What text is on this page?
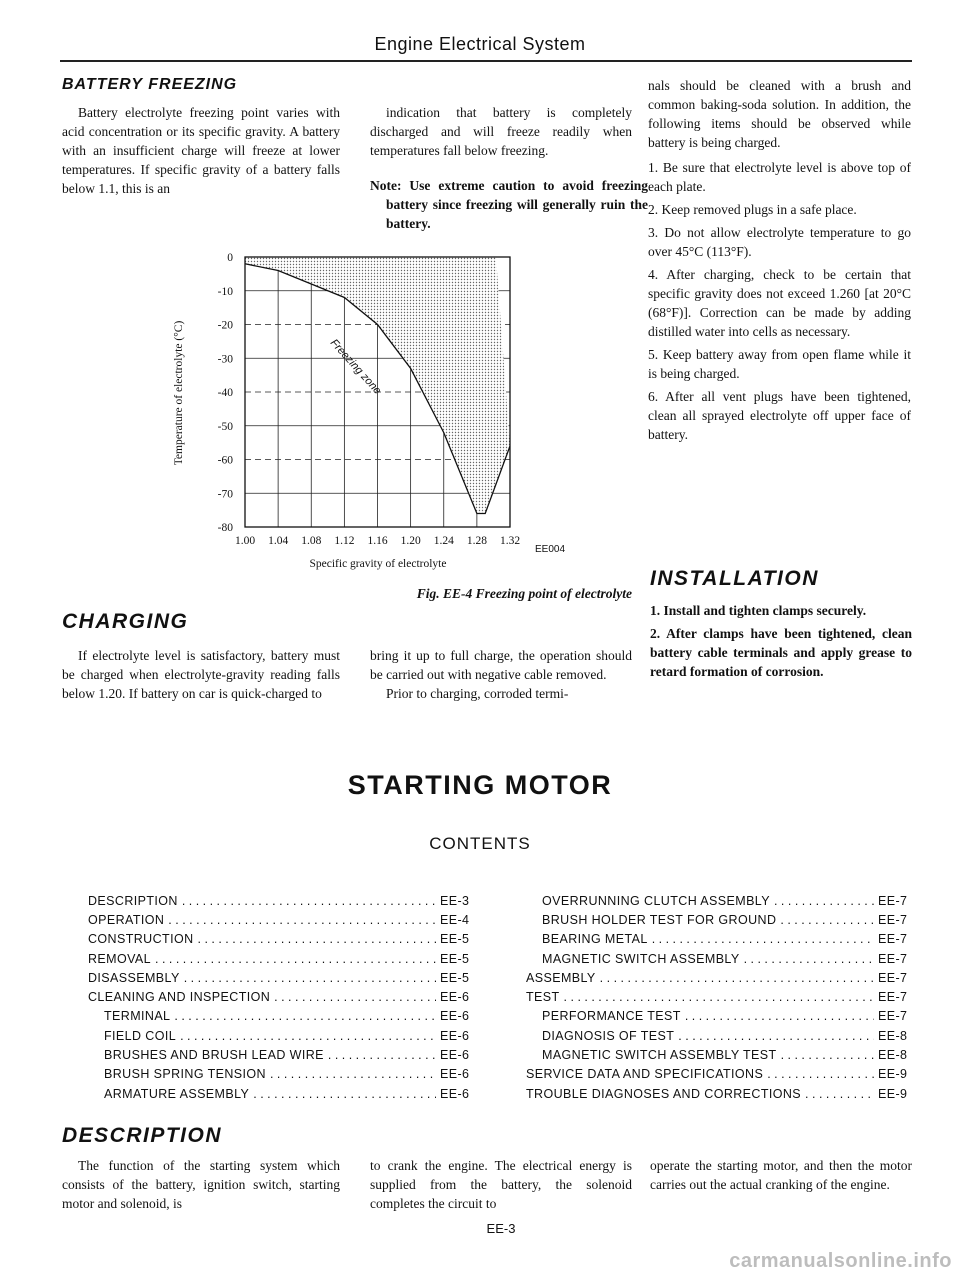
Engine Electrical System
BATTERY FREEZING
Battery electrolyte freezing point varies with acid concentration or its specific gravity. A battery with an insufficient charge will freeze at lower temperatures. If specific gravity of a battery falls below 1.1, this is an
indication that battery is completely discharged and will freeze readily when temperatures fall below freezing.
Note: Use extreme caution to avoid freezing battery since freezing will generally ruin the battery.
nals should be cleaned with a brush and common baking-soda solution. In addition, the following items should be observed while battery is being charged.
1. Be sure that electrolyte level is above top of each plate.
2. Keep removed plugs in a safe place.
3. Do not allow electrolyte temperature to go over 45°C (113°F).
4. After charging, check to be certain that specific gravity does not exceed 1.260 [at 20°C (68°F)]. Correction can be made by adding distilled water into cells as necessary.
5. Keep battery away from open flame while it is being charged.
6. After all vent plugs have been tightened, clean all sprayed electrolyte off upper face of battery.
0
-10
-20
-30
-40
-50
-60
-70
-80
1.00 1.04 1.08 1.12 1.16 1.20 1.24 1.28 1.32
Freezing zone
Temperature of electrolyte (°C)
Specific gravity of electrolyte
EE004
Fig. EE-4 Freezing point of electrolyte
CHARGING
If electrolyte level is satisfactory, battery must be charged when electrolyte-gravity reading falls below 1.20. If battery on car is quick-charged to
bring it up to full charge, the operation should be carried out with negative cable removed.
Prior to charging, corroded termi-
INSTALLATION
1. Install and tighten clamps securely.
2. After clamps have been tightened, clean battery cable terminals and apply grease to retard formation of corrosion.
STARTING MOTOR
CONTENTS
DESCRIPTION . . .	EE-3
OPERATION . . .	EE-4
CONSTRUCTION . . .	EE-5
REMOVAL . . .	EE-5
DISASSEMBLY . . .	EE-5
CLEANING AND INSPECTION . . .	EE-6
TERMINAL . . .	EE-6
FIELD COIL . . .	EE-6
BRUSHES AND BRUSH LEAD WIRE . . .	EE-6
BRUSH SPRING TENSION . . .	EE-6
ARMATURE ASSEMBLY . . .	EE-6
OVERRUNNING CLUTCH ASSEMBLY . . .	EE-7
BRUSH HOLDER TEST FOR GROUND . . .	EE-7
BEARING METAL . . .	EE-7
MAGNETIC SWITCH ASSEMBLY . . .	EE-7
ASSEMBLY . . .	EE-7
TEST . . .	EE-7
PERFORMANCE TEST . . .	EE-7
DIAGNOSIS OF TEST . . .	EE-8
MAGNETIC SWITCH ASSEMBLY TEST . . .	EE-8
SERVICE DATA AND SPECIFICATIONS . . .	EE-9
TROUBLE DIAGNOSES AND CORRECTIONS . . .	EE-9
DESCRIPTION
The function of the starting system which consists of the battery, ignition switch, starting motor and solenoid, is
to crank the engine. The electrical energy is supplied from the battery, the solenoid completes the circuit to
operate the starting motor, and then the motor carries out the actual cranking of the engine.
EE-3
carmanualsonline.info
